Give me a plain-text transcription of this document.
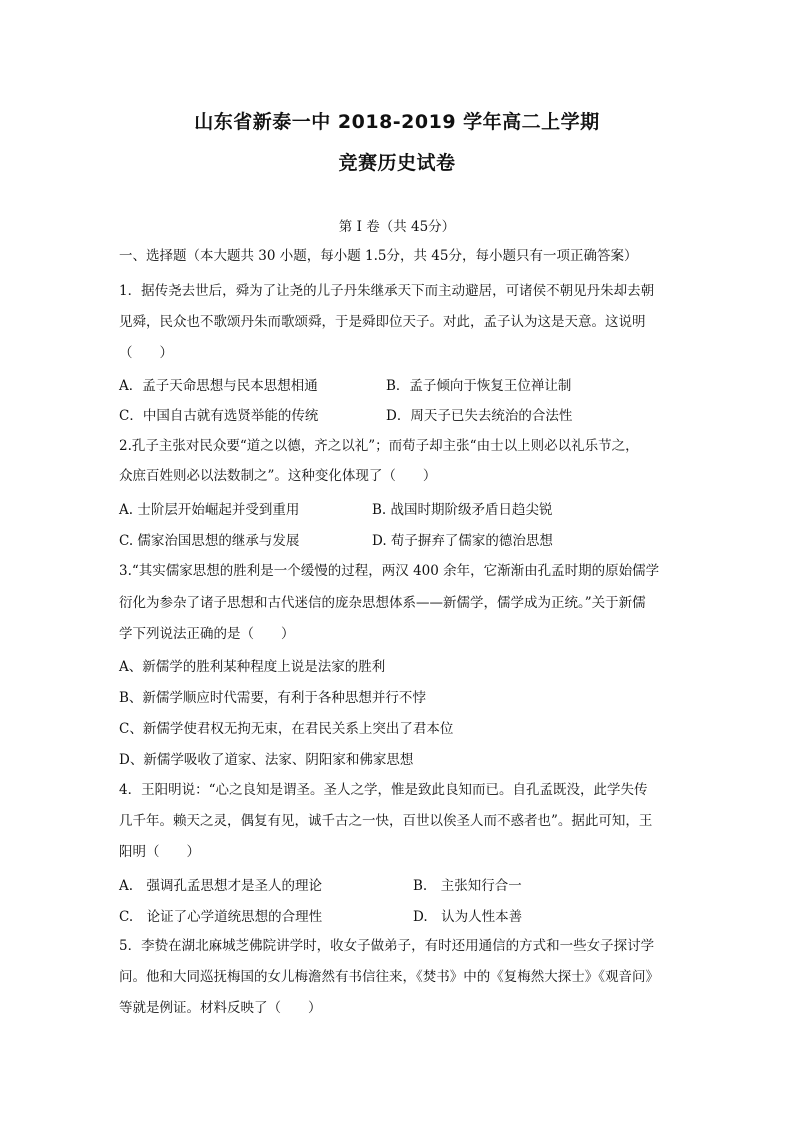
山东省新泰一中 2018-2019 学年高二上学期
竞赛历史试卷
第 I 卷（共 45分）
一、选择题（本大题共 30 小题，每小题 1.5分，共 45分，每小题只有一项正确答案）
1．据传尧去世后，舜为了让尧的儿子丹朱继承天下而主动避居，可诸侯不朝见丹朱却去朝
见舜，民众也不歌颂丹朱而歌颂舜，于是舜即位天子。对此，孟子认为这是天意。这说明
（　　）
A．孟子天命思想与民本思想相通	B．孟子倾向于恢复王位禅让制
C．中国自古就有选贤举能的传统	D．周天子已失去统治的合法性
2.孔子主张对民众要“道之以德，齐之以礼”；而荀子却主张“由士以上则必以礼乐节之，
众庶百姓则必以法数制之”。这种变化体现了（　　）
A. 士阶层开始崛起并受到重用	B. 战国时期阶级矛盾日趋尖锐
C. 儒家治国思想的继承与发展	D. 荀子摒弃了儒家的德治思想
3.“其实儒家思想的胜利是一个缓慢的过程，两汉 400 余年，它渐渐由孔孟时期的原始儒学
衍化为参杂了诸子思想和古代迷信的庞杂思想体系——新儒学，儒学成为正统。”关于新儒
学下列说法正确的是（　　）
A、新儒学的胜利某种程度上说是法家的胜利
B、新儒学顺应时代需要，有利于各种思想并行不悖
C、新儒学使君权无拘无束，在君民关系上突出了君本位
D、新儒学吸收了道家、法家、阴阳家和佛家思想
4．王阳明说：“心之良知是谓圣。圣人之学，惟是致此良知而已。自孔孟既没，此学失传
几千年。赖天之灵，偶复有见，诚千古之一快，百世以俟圣人而不惑者也”。据此可知，王
阳明（　　）
A.　强调孔孟思想才是圣人的理论	B.　主张知行合一
C.　论证了心学道统思想的合理性	D.　认为人性本善
5．李贽在湖北麻城芝佛院讲学时，收女子做弟子，有时还用通信的方式和一些女子探讨学
问。他和大同巡抚梅国的女儿梅澹然有书信往来，《焚书》中的《复梅然大探士》《观音问》
等就是例证。材料反映了（　　）
